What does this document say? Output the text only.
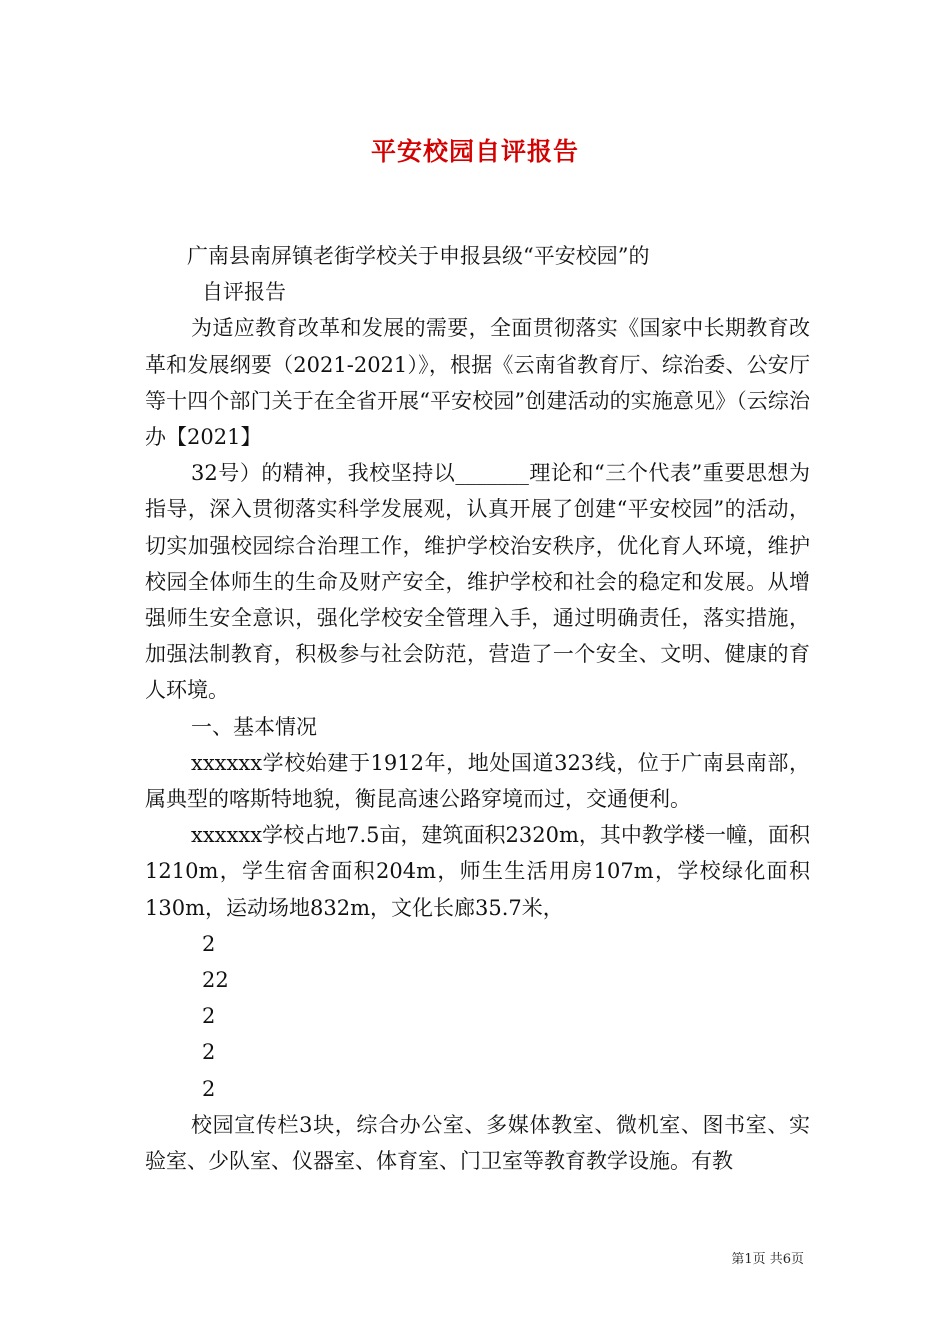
平安校园自评报告

广南县南屏镇老街学校关于申报县级“平安校园”的

自评报告

为适应教育改革和发展的需要，全面贯彻落实《国家中长期教育改革和发展纲要（2021-2021）》，根据《云南省教育厅、综治委、公安厅等十四个部门关于在全省开展“平安校园”创建活动的实施意见》（云综治办【2021】

32号）的精神，我校坚持以_______理论和“三个代表”重要思想为指导，深入贯彻落实科学发展观，认真开展了创建“平安校园”的活动，切实加强校园综合治理工作，维护学校治安秩序，优化育人环境，维护校园全体师生的生命及财产安全，维护学校和社会的稳定和发展。从增强师生安全意识，强化学校安全管理入手，通过明确责任，落实措施，加强法制教育，积极参与社会防范，营造了一个安全、文明、健康的育人环境。

一、基本情况

xxxxxx学校始建于1912年，地处国道323线，位于广南县南部，属典型的喀斯特地貌，衡昆高速公路穿境而过，交通便利。

xxxxxx学校占地7.5亩，建筑面积2320m，其中教学楼一幢，面积1210m，学生宿舍面积204m，师生生活用房107m，学校绿化面积130m，运动场地832m，文化长廊35.7米，

2

22

2

2

2

校园宣传栏3块，综合办公室、多媒体教室、微机室、图书室、实验室、少队室、仪器室、体育室、门卫室等教育教学设施。有教

第1页 共6页
